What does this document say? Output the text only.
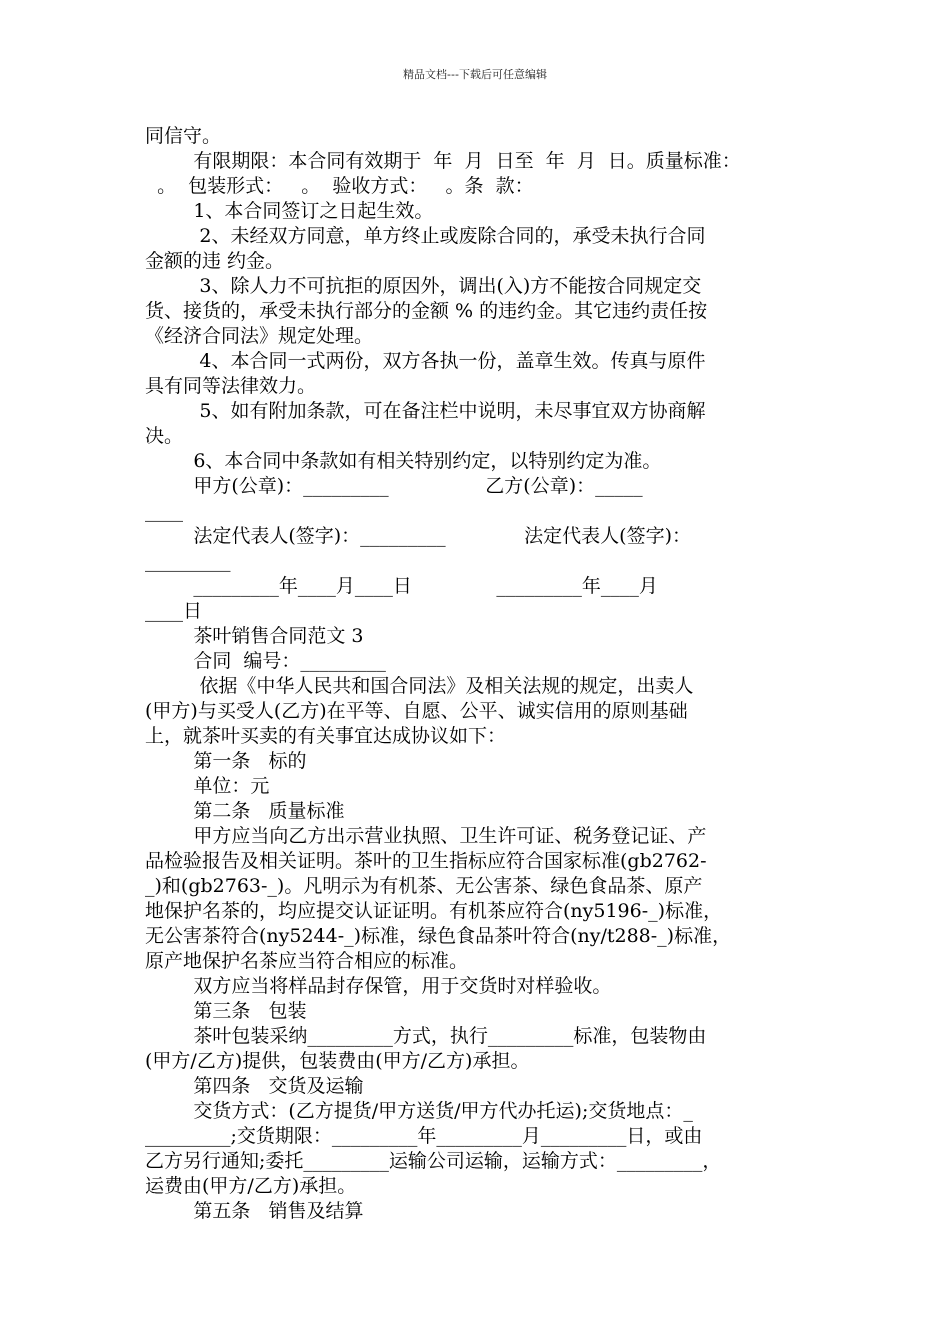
精品文档---下载后可任意编辑

同信守。

有限期限：本合同有效期于  年  月  日至  年  月  日。质量标准：

。  包装形式：   。  验收方式：   。条  款：

1、本合同签订之日起生效。

2、未经双方同意，单方终止或废除合同的，承受未执行合同

金额的违 约金。

3、除人力不可抗拒的原因外，调出(入)方不能按合同规定交

货、接货的，承受未执行部分的金额 % 的违约金。其它违约责任按

《经济合同法》规定处理。

4、本合同一式两份，双方各执一份，盖章生效。传真与原件

具有同等法律效力。

5、如有附加条款，可在备注栏中说明，未尽事宜双方协商解

决。

6、本合同中条款如有相关特别约定，以特别约定为准。

甲方(公章)：_________                乙方(公章)：_____

____

法定代表人(签字)：_________             法定代表人(签字)：

_________

_________年____月____日              _________年____月

____日

茶叶销售合同范文 3

合同  编号：_________

依据《中华人民共和国合同法》及相关法规的规定，出卖人

(甲方)与买受人(乙方)在平等、自愿、公平、诚实信用的原则基础

上，就茶叶买卖的有关事宜达成协议如下：

第一条   标的

单位：元

第二条   质量标准

甲方应当向乙方出示营业执照、卫生许可证、税务登记证、产

品检验报告及相关证明。茶叶的卫生指标应符合国家标准(gb2762-

_)和(gb2763-_)。凡明示为有机茶、无公害茶、绿色食品茶、原产

地保护名茶的，均应提交认证证明。有机茶应符合(ny5196-_)标准，

无公害茶符合(ny5244-_)标准，绿色食品茶叶符合(ny/t288-_)标准，

原产地保护名茶应当符合相应的标准。

双方应当将样品封存保管，用于交货时对样验收。

第三条   包装

茶叶包装采纳_________方式，执行_________标准，包装物由

(甲方/乙方)提供，包装费由(甲方/乙方)承担。

第四条   交货及运输

交货方式：(乙方提货/甲方送货/甲方代办托运);交货地点：_

_________;交货期限：_________年_________月_________日，或由

乙方另行通知;委托_________运输公司运输，运输方式：_________，

运费由(甲方/乙方)承担。

第五条   销售及结算
